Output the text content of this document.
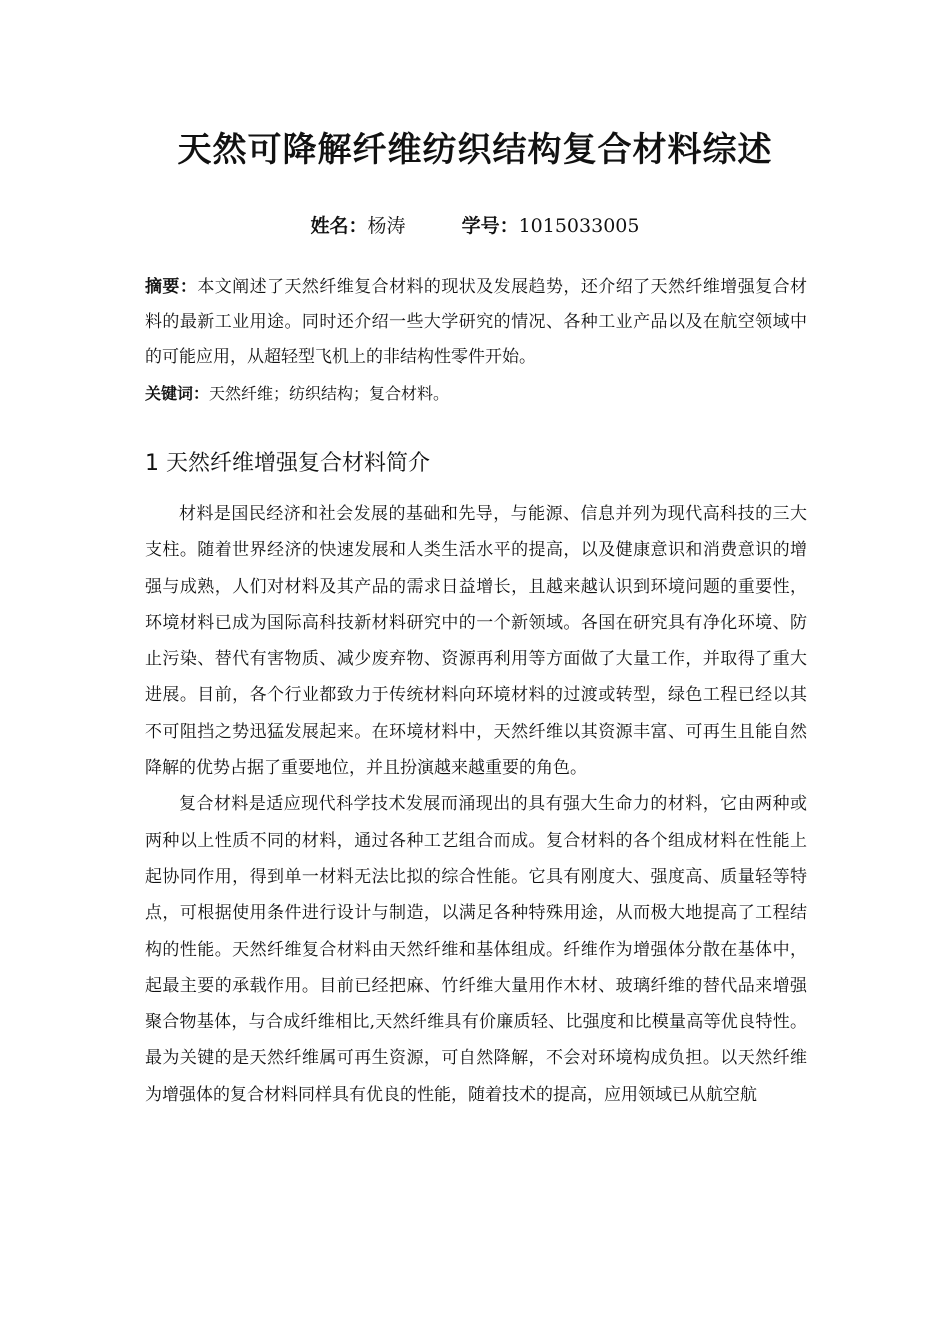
天然可降解纤维纺织结构复合材料综述
姓名：杨涛	学号：1015033005
摘要：本文阐述了天然纤维复合材料的现状及发展趋势，还介绍了天然纤维增强复合材料的最新工业用途。同时还介绍一些大学研究的情况、各种工业产品以及在航空领域中的可能应用，从超轻型飞机上的非结构性零件开始。
关键词：天然纤维；纺织结构；复合材料。
1 天然纤维增强复合材料简介

材料是国民经济和社会发展的基础和先导，与能源、信息并列为现代高科技的三大支柱。随着世界经济的快速发展和人类生活水平的提高，以及健康意识和消费意识的增强与成熟，人们对材料及其产品的需求日益增长，且越来越认识到环境问题的重要性，环境材料已成为国际高科技新材料研究中的一个新领域。各国在研究具有净化环境、防止污染、替代有害物质、减少废弃物、资源再利用等方面做了大量工作，并取得了重大进展。目前，各个行业都致力于传统材料向环境材料的过渡或转型，绿色工程已经以其不可阻挡之势迅猛发展起来。在环境材料中，天然纤维以其资源丰富、可再生且能自然降解的优势占据了重要地位，并且扮演越来越重要的角色。

复合材料是适应现代科学技术发展而涌现出的具有强大生命力的材料，它由两种或两种以上性质不同的材料，通过各种工艺组合而成。复合材料的各个组成材料在性能上起协同作用，得到单一材料无法比拟的综合性能。它具有刚度大、强度高、质量轻等特点，可根据使用条件进行设计与制造，以满足各种特殊用途，从而极大地提高了工程结构的性能。天然纤维复合材料由天然纤维和基体组成。纤维作为增强体分散在基体中，起最主要的承载作用。目前已经把麻、竹纤维大量用作木材、玻璃纤维的替代品来增强聚合物基体，与合成纤维相比,天然纤维具有价廉质轻、比强度和比模量高等优良特性。最为关键的是天然纤维属可再生资源，可自然降解，不会对环境构成负担。以天然纤维为增强体的复合材料同样具有优良的性能，随着技术的提高，应用领域已从航空航
